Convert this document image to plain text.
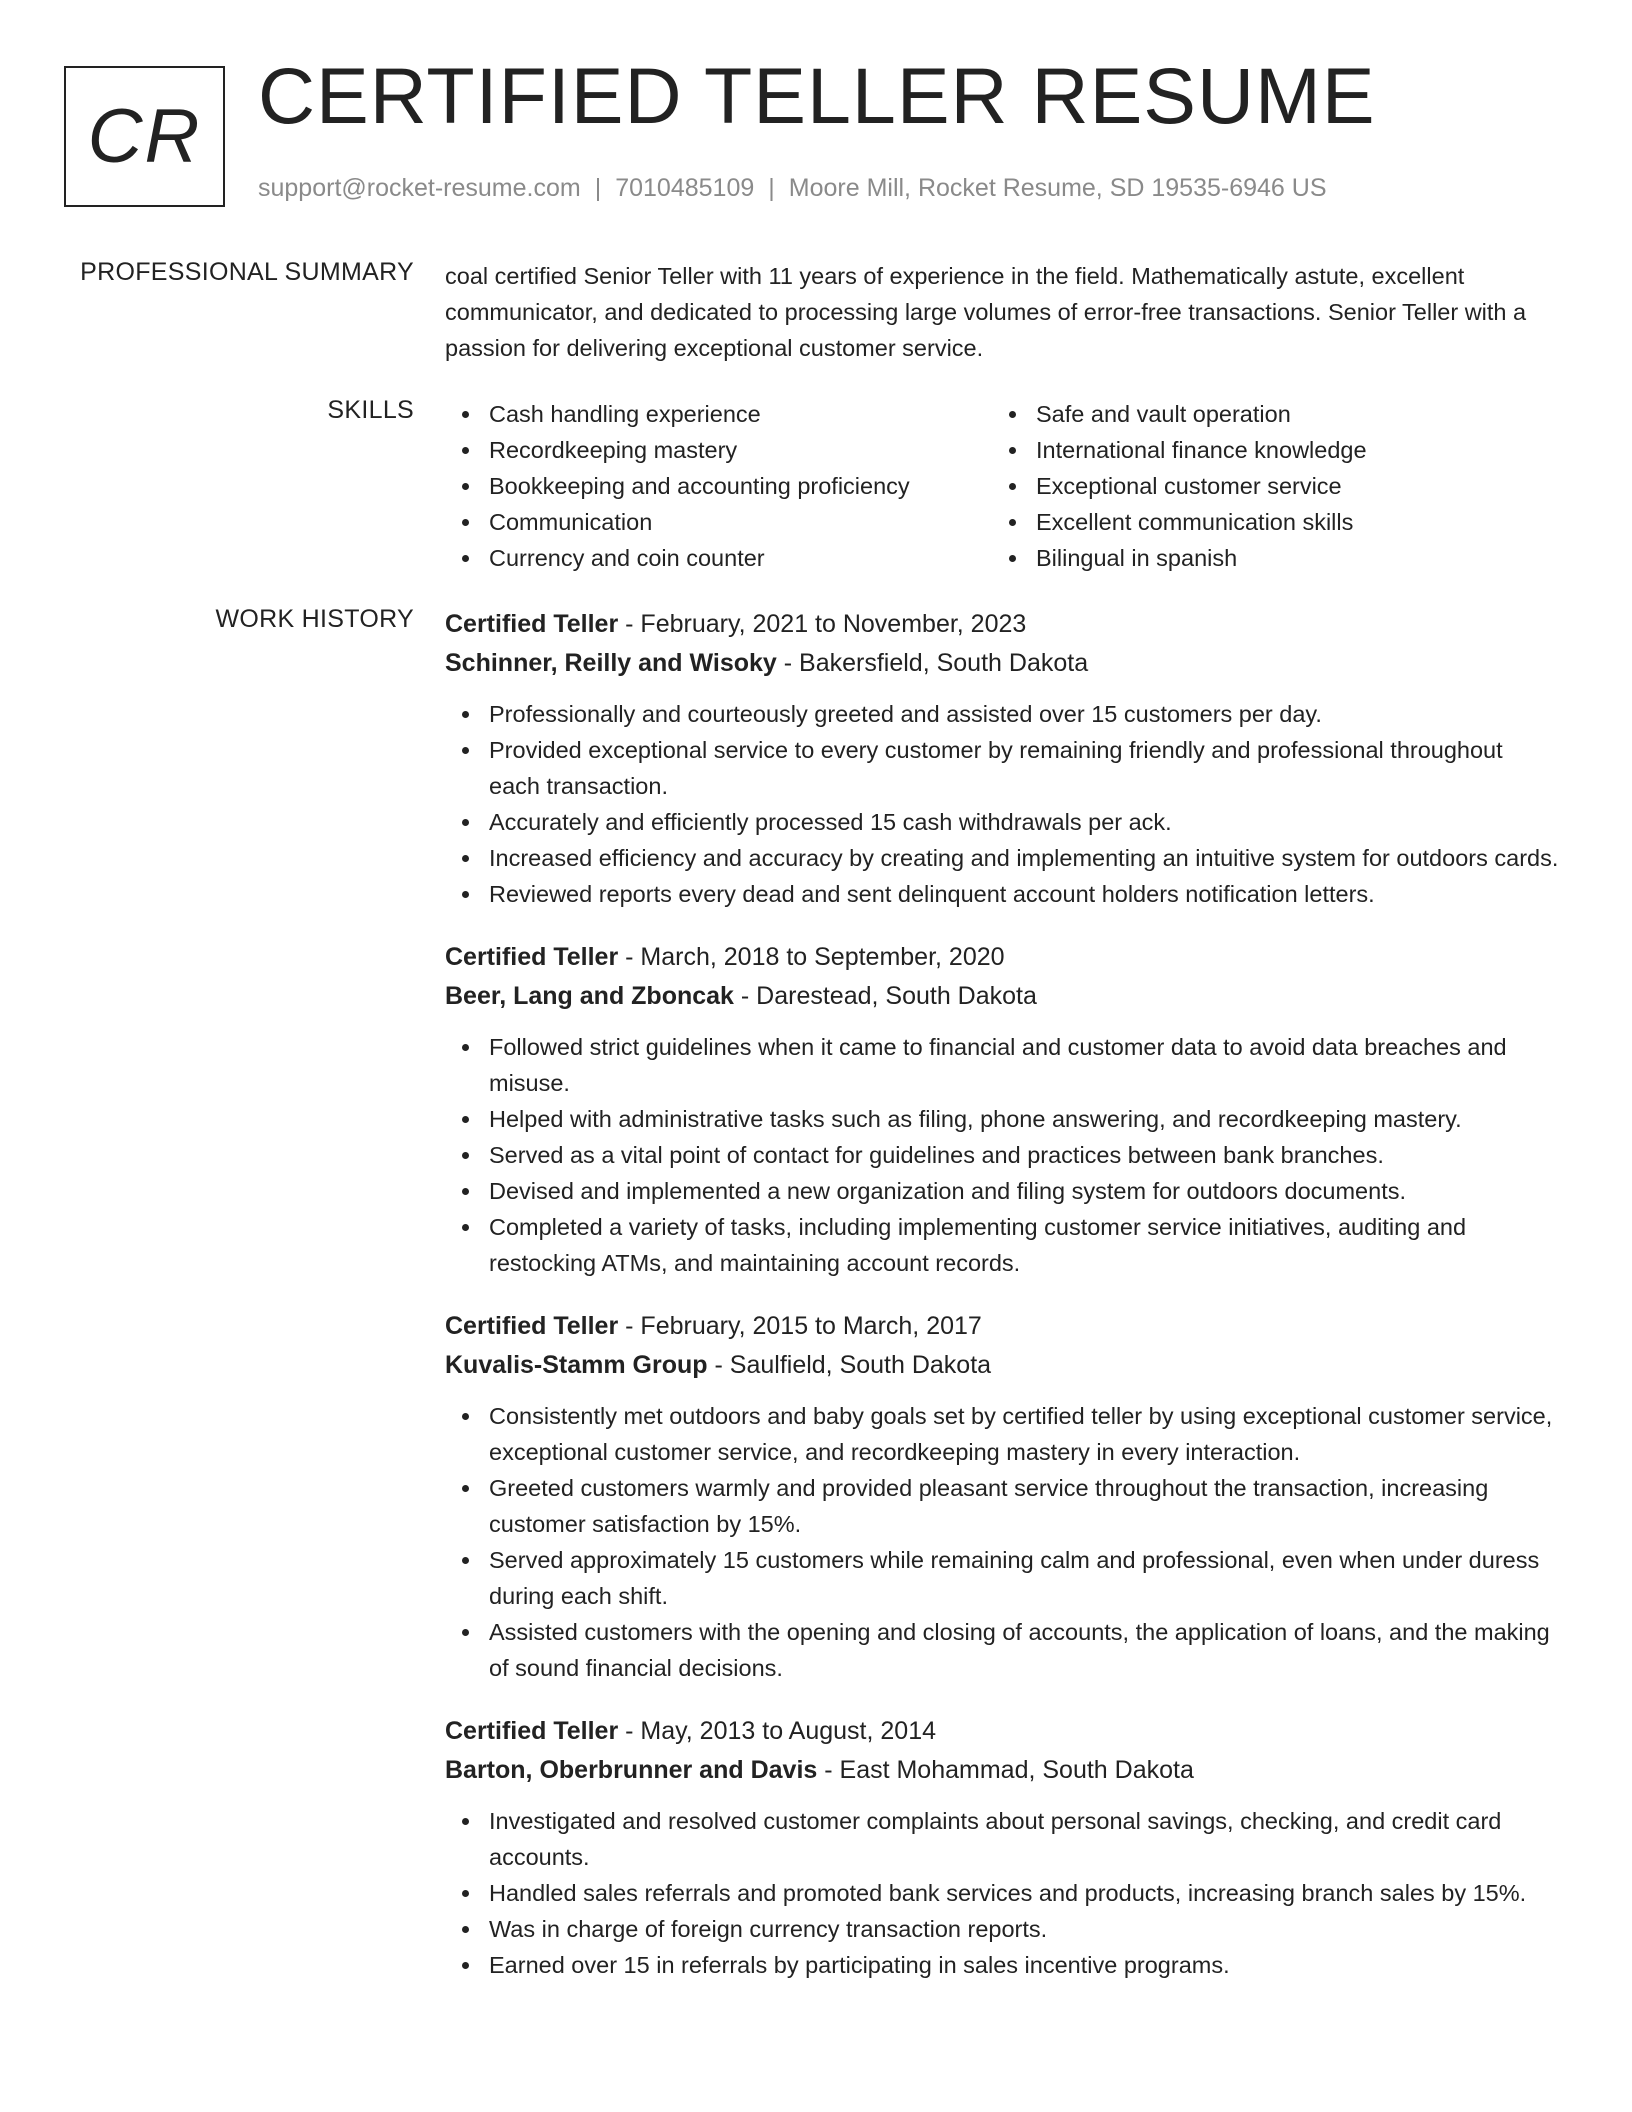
CR CERTIFIED TELLER RESUME
support@rocket-resume.com | 7010485109 | Moore Mill, Rocket Resume, SD 19535-6946 US
PROFESSIONAL SUMMARY coal certified Senior Teller with 11 years of experience in the field. Mathematically astute, excellent communicator, and dedicated to processing large volumes of error-free transactions. Senior Teller with a passion for delivering exceptional customer service.

SKILLS	Cash handling experience
Recordkeeping mastery
Bookkeeping and accounting proficiency
Communication
Currency and coin counter
Safe and vault operation
International finance knowledge
Exceptional customer service
Excellent communication skills
Bilingual in spanish
WORK HISTORY Certified Teller - February, 2021 to November, 2023
Schinner, Reilly and Wisoky - Bakersfield, South Dakota
Professionally and courteously greeted and assisted over 15 customers per day.
Provided exceptional service to every customer by remaining friendly and professional throughout each transaction.
Accurately and efficiently processed 15 cash withdrawals per ack.
Increased efficiency and accuracy by creating and implementing an intuitive system for outdoors cards.
Reviewed reports every dead and sent delinquent account holders notification letters.
Certified Teller - March, 2018 to September, 2020
Beer, Lang and Zboncak - Darestead, South Dakota
Followed strict guidelines when it came to financial and customer data to avoid data breaches and misuse.
Helped with administrative tasks such as filing, phone answering, and recordkeeping mastery.
Served as a vital point of contact for guidelines and practices between bank branches.
Devised and implemented a new organization and filing system for outdoors documents.
Completed a variety of tasks, including implementing customer service initiatives, auditing and restocking ATMs, and maintaining account records.
Certified Teller - February, 2015 to March, 2017
Kuvalis-Stamm Group - Saulfield, South Dakota
Consistently met outdoors and baby goals set by certified teller by using exceptional customer service, exceptional customer service, and recordkeeping mastery in every interaction.
Greeted customers warmly and provided pleasant service throughout the transaction, increasing customer satisfaction by 15%.
Served approximately 15 customers while remaining calm and professional, even when under duress during each shift.
Assisted customers with the opening and closing of accounts, the application of loans, and the making of sound financial decisions.
Certified Teller - May, 2013 to August, 2014
Barton, Oberbrunner and Davis - East Mohammad, South Dakota
Investigated and resolved customer complaints about personal savings, checking, and credit card accounts.
Handled sales referrals and promoted bank services and products, increasing branch sales by 15%.
Was in charge of foreign currency transaction reports.
Earned over 15 in referrals by participating in sales incentive programs.
